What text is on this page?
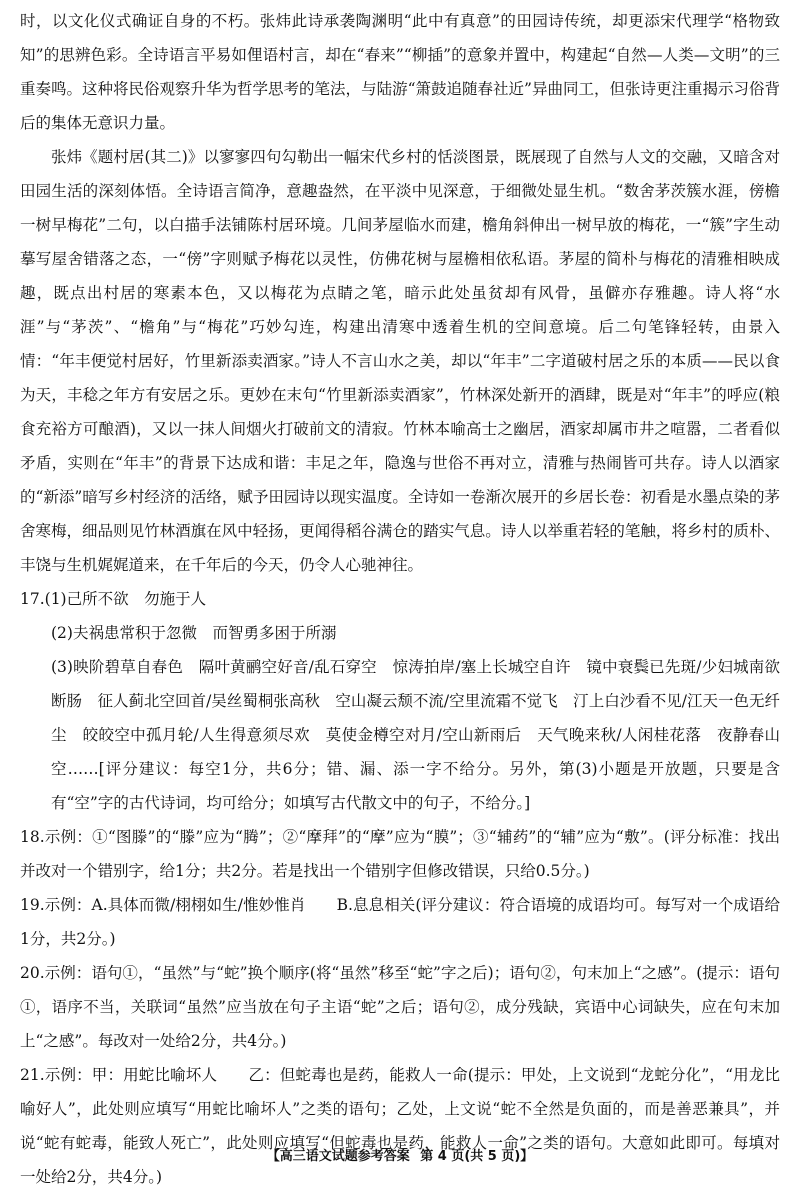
时，以文化仪式确证自身的不朽。张炜此诗承袭陶渊明“此中有真意”的田园诗传统，却更添宋代理学“格物致知”的思辨色彩。全诗语言平易如俚语村言，却在“春来”“柳插”的意象并置中，构建起“自然—人类—文明”的三重奏鸣。这种将民俗观察升华为哲学思考的笔法，与陆游“箫鼓追随春社近”异曲同工，但张诗更注重揭示习俗背后的集体无意识力量。

张炜《题村居(其二)》以寥寥四句勾勒出一幅宋代乡村的恬淡图景，既展现了自然与人文的交融，又暗含对田园生活的深刻体悟。全诗语言简净，意趣盎然，在平淡中见深意，于细微处显生机。“数舍茅茨簇水涯，傍檐一树早梅花”二句，以白描手法铺陈村居环境。几间茅屋临水而建，檐角斜伸出一树早放的梅花，一“簇”字生动摹写屋舍错落之态，一“傍”字则赋予梅花以灵性，仿佛花树与屋檐相依私语。茅屋的简朴与梅花的清雅相映成趣，既点出村居的寒素本色，又以梅花为点睛之笔，暗示此处虽贫却有风骨，虽僻亦存雅趣。诗人将“水涯”与“茅茨”、“檐角”与“梅花”巧妙勾连，构建出清寒中透着生机的空间意境。后二句笔锋轻转，由景入情：“年丰便觉村居好，竹里新添卖酒家。”诗人不言山水之美，却以“年丰”二字道破村居之乐的本质——民以食为天，丰稔之年方有安居之乐。更妙在末句“竹里新添卖酒家”，竹林深处新开的酒肆，既是对“年丰”的呼应(粮食充裕方可酿酒)，又以一抹人间烟火打破前文的清寂。竹林本喻高士之幽居，酒家却属市井之喧嚣，二者看似矛盾，实则在“年丰”的背景下达成和谐：丰足之年，隐逸与世俗不再对立，清雅与热闹皆可共存。诗人以酒家的“新添”暗写乡村经济的活络，赋予田园诗以现实温度。全诗如一卷渐次展开的乡居长卷：初看是水墨点染的茅舍寒梅，细品则见竹林酒旗在风中轻扬，更闻得稻谷满仓的踏实气息。诗人以举重若轻的笔触，将乡村的质朴、丰饶与生机娓娓道来，在千年后的今天，仍令人心驰神往。

17.(1)己所不欲　勿施于人

(2)夫祸患常积于忽微　而智勇多困于所溺

(3)映阶碧草自春色　隔叶黄鹂空好音/乱石穿空　惊涛拍岸/塞上长城空自许　镜中衰鬓已先斑/少妇城南欲断肠　征人蓟北空回首/吴丝蜀桐张高秋　空山凝云颓不流/空里流霜不觉飞　汀上白沙看不见/江天一色无纤尘　皎皎空中孤月轮/人生得意须尽欢　莫使金樽空对月/空山新雨后　天气晚来秋/人闲桂花落　夜静春山空……[评分建议：每空1分，共6分；错、漏、添一字不给分。另外，第(3)小题是开放题，只要是含有“空”字的古代诗词，均可给分；如填写古代散文中的句子，不给分。]

18.示例：①“图滕”的“滕”应为“腾”；②“摩拜”的“摩”应为“膜”；③“辅药”的“辅”应为“敷”。(评分标准：找出并改对一个错别字，给1分；共2分。若是找出一个错别字但修改错误，只给0.5分。)

19.示例：A.具体而微/栩栩如生/惟妙惟肖　　B.息息相关(评分建议：符合语境的成语均可。每写对一个成语给1分，共2分。)

20.示例：语句①，“虽然”与“蛇”换个顺序(将“虽然”移至“蛇”字之后)；语句②，句末加上“之感”。(提示：语句①，语序不当，关联词“虽然”应当放在句子主语“蛇”之后；语句②，成分残缺，宾语中心词缺失，应在句末加上“之感”。每改对一处给2分，共4分。)

21.示例：甲：用蛇比喻坏人　　乙：但蛇毒也是药，能救人一命(提示：甲处，上文说到“龙蛇分化”，“用龙比喻好人”，此处则应填写“用蛇比喻坏人”之类的语句；乙处，上文说“蛇不全然是负面的，而是善恶兼具”，并说“蛇有蛇毒，能致人死亡”，此处则应填写“但蛇毒也是药，能救人一命”之类的语句。大意如此即可。每填对一处给2分，共4分。)

【高三语文试题参考答案 第 4 页(共 5 页)】
